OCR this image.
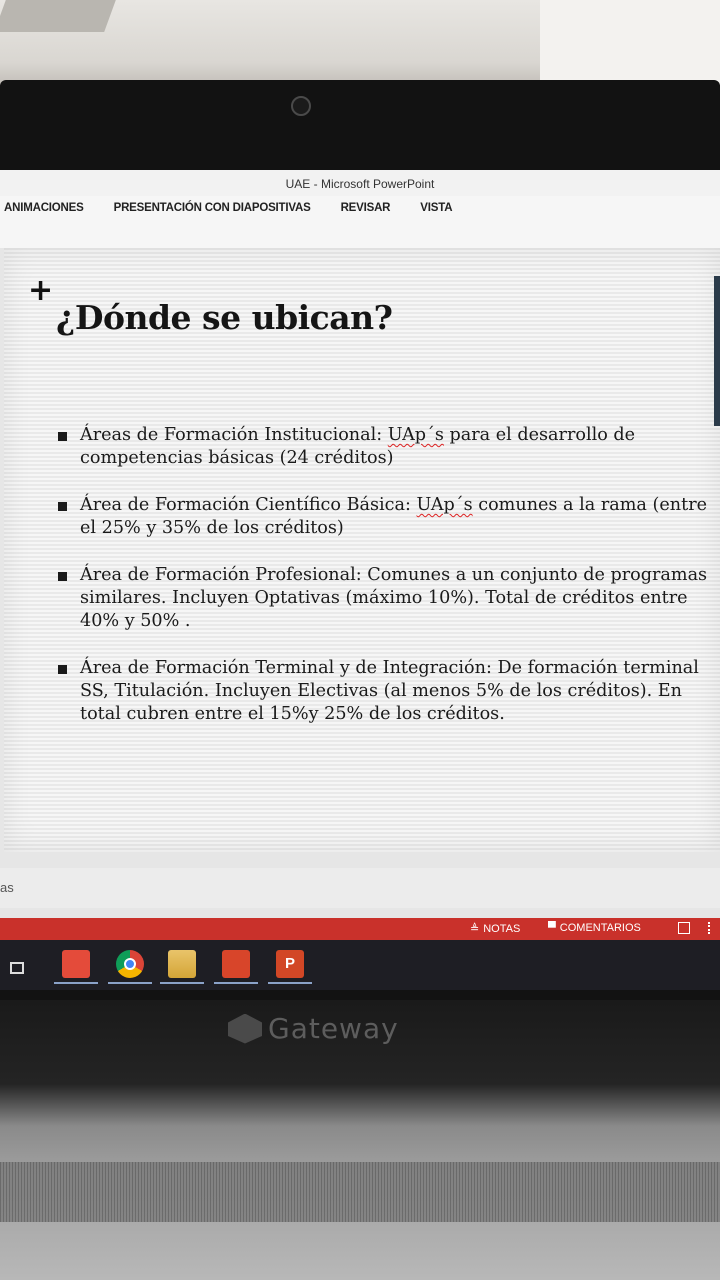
UAE - Microsoft PowerPoint
ANIMACIONES	PRESENTACIÓN CON DIAPOSITIVAS	REVISAR	VISTA
+
¿Dónde se ubican?
Áreas de Formación Institucional: UAp´s para el desarrollo de competencias básicas (24 créditos)
Área de Formación Científico Básica: UAp´s comunes a la rama (entre el 25% y 35% de los créditos)
Área de Formación Profesional: Comunes a un conjunto de programas similares. Incluyen Optativas (máximo 10%). Total de créditos entre 40% y 50% .
Área de Formación Terminal y de Integración: De formación terminal SS, Titulación. Incluyen Electivas (al menos 5% de los créditos). En total cubren entre el 15%y 25% de los créditos.
as
≜ NOTAS	▀ COMENTARIOS
P
Gateway
